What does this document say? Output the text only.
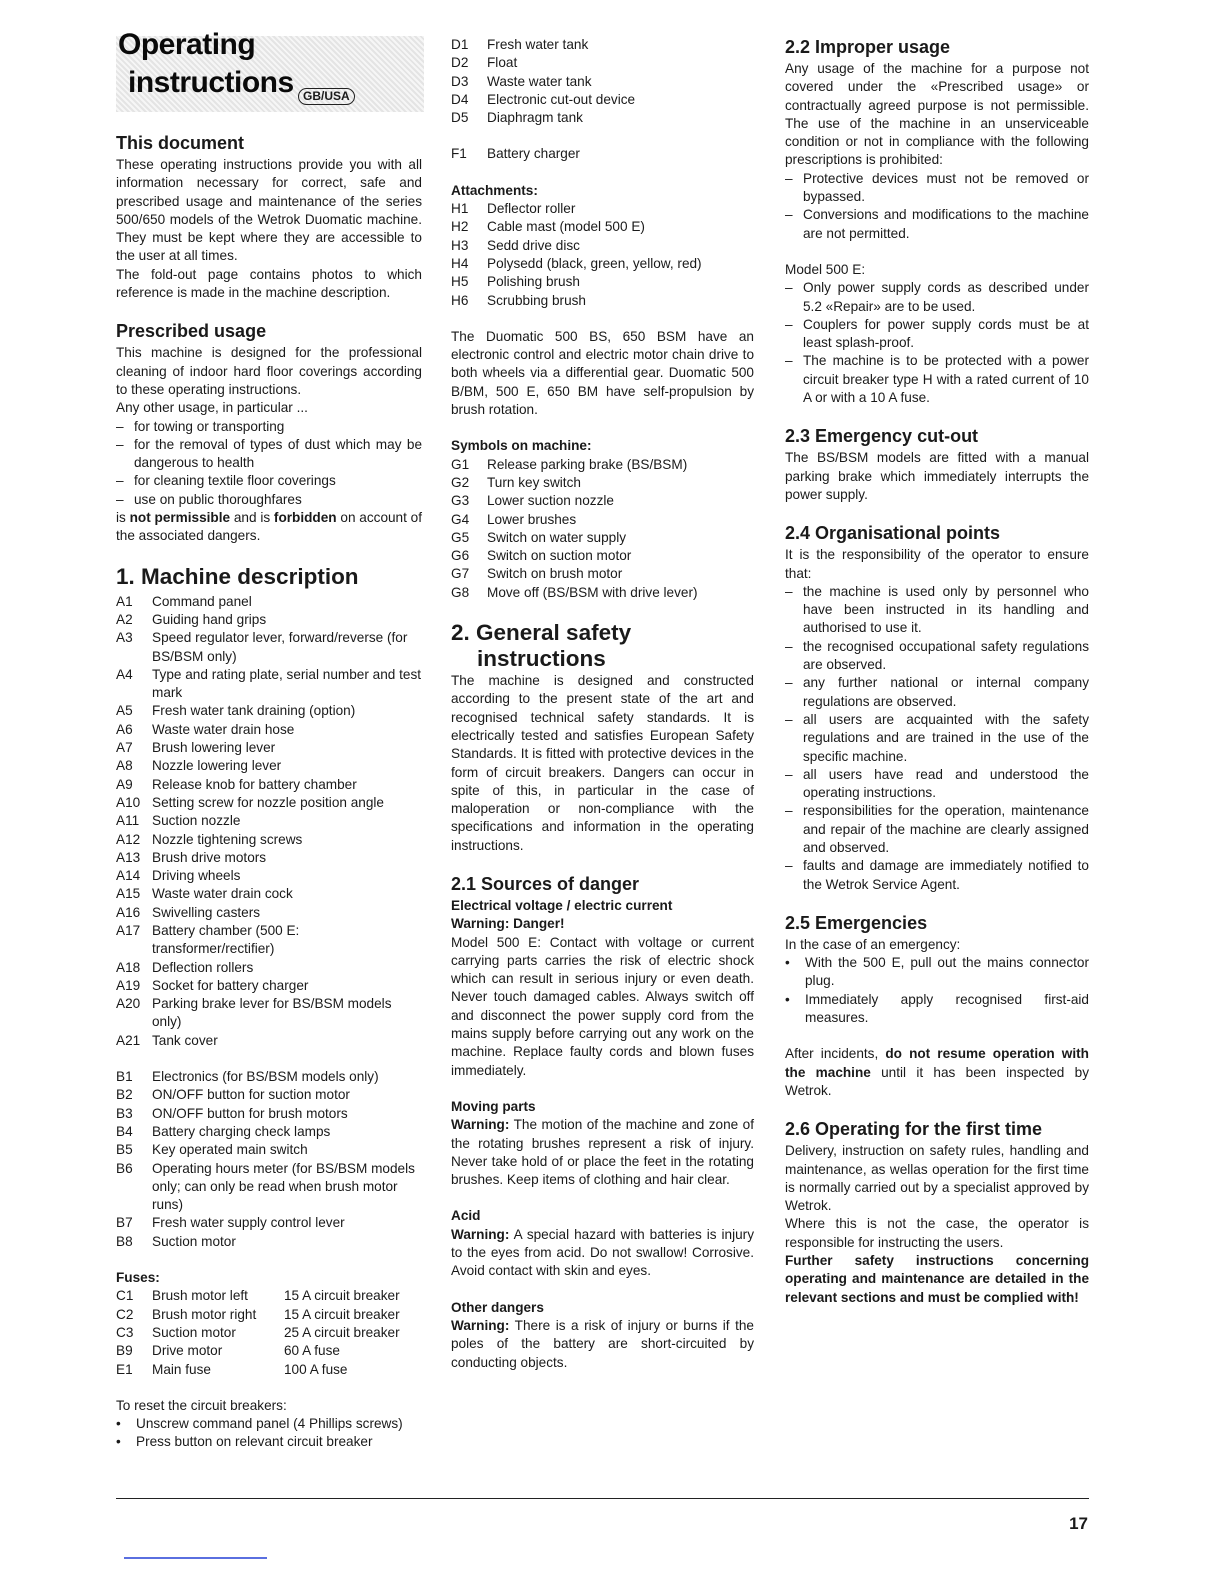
Operating
instructions GB/USA
This document

These operating instructions provide you with all information necessary for correct, safe and prescribed usage and maintenance of the series 500/650 models of the Wetrok Duomatic machine. They must be kept where they are accessible to the user at all times.

The fold-out page contains photos to which reference is made in the machine description.

Prescribed usage

This machine is designed for the professional cleaning of indoor hard floor coverings according to these operating instructions.

Any other usage, in particular ...

– for towing or transporting
– for the removal of types of dust which may be dangerous to health
– for cleaning textile floor coverings
– use on public thoroughfares

is not permissible and is forbidden on account of the associated dangers.

1. Machine description
A1	Command panel
A2	Guiding hand grips
A3	Speed regulator lever, forward/reverse (for BS/BSM only)
A4	Type and rating plate, serial number and test mark
A5	Fresh water tank draining (option)
A6	Waste water drain hose
A7	Brush lowering lever
A8	Nozzle lowering lever
A9	Release knob for battery chamber
A10 Setting screw for nozzle position angle
A11 Suction nozzle
A12 Nozzle tightening screws
A13 Brush drive motors
A14 Driving wheels
A15 Waste water drain cock
A16 Swivelling casters
A17 Battery chamber (500 E: transformer/rectifier)
A18 Deflection rollers
A19 Socket for battery charger
A20 Parking brake lever for BS/BSM models only)
A21 Tank cover
B1	Electronics (for BS/BSM models only)
B2	ON/OFF button for suction motor
B3	ON/OFF button for brush motors
B4	Battery charging check lamps
B5	Key operated main switch
B6	Operating hours meter (for BS/BSM models only; can only be read when brush motor runs)
B7	Fresh water supply control lever
B8	Suction motor
Fuses:
C1	Brush motor left	15 A circuit breaker
C2	Brush motor right	15 A circuit breaker
C3	Suction motor	25 A circuit breaker
B9	Drive motor	60 A fuse
E1	Main fuse	100 A fuse

To reset the circuit breakers:

•	Unscrew command panel (4 Phillips screws)
•	Press button on relevant circuit breaker
D1	Fresh water tank
D2	Float
D3	Waste water tank
D4	Electronic cut-out device
D5	Diaphragm tank
F1	Battery charger
Attachments:
H1	Deflector roller
H2	Cable mast (model 500 E)
H3	Sedd drive disc
H4	Polysedd (black, green, yellow, red)
H5	Polishing brush
H6	Scrubbing brush

The Duomatic 500 BS, 650 BSM have an electronic control and electric motor chain drive to both wheels via a differential gear. Duomatic 500 B/BM, 500 E, 650 BM have self-propulsion by brush rotation.

Symbols on machine:
G1	Release parking brake (BS/BSM)
G2	Turn key switch
G3	Lower suction nozzle
G4	Lower brushes
G5	Switch on water supply
G6	Switch on suction motor
G7	Switch on brush motor
G8	Move off (BS/BSM with drive lever)
2. General safety
instructions

The machine is designed and constructed according to the present state of the art and recognised technical safety standards. It is electrically tested and satisfies European Safety Standards. It is fitted with protective devices in the form of circuit breakers. Dangers can occur in spite of this, in particular in the case of maloperation or non-compliance with the specifications and information in the operating instructions.

2.1 Sources of danger
Electrical voltage / electric current
Warning: Danger!

Model 500 E: Contact with voltage or current carrying parts carries the risk of electric shock which can result in serious injury or even death. Never touch damaged cables. Always switch off and disconnect the power supply cord from the mains supply before carrying out any work on the machine. Replace faulty cords and blown fuses immediately.

Moving parts

Warning: The motion of the machine and zone of the rotating brushes represent a risk of injury. Never take hold of or place the feet in the rotating brushes. Keep items of clothing and hair clear.

Acid

Warning: A special hazard with batteries is injury to the eyes from acid. Do not swallow! Corrosive. Avoid contact with skin and eyes.

Other dangers

Warning: There is a risk of injury or burns if the poles of the battery are short-circuited by conducting objects.

2.2 Improper usage

Any usage of the machine for a purpose not covered under the «Prescribed usage» or contractually agreed purpose is not permissible. The use of the machine in an unserviceable condition or not in compliance with the following prescriptions is prohibited:

– Protective devices must not be removed or bypassed.
– Conversions and modifications to the machine are not permitted.

Model 500 E:

– Only power supply cords as described under 5.2 «Repair» are to be used.
– Couplers for power supply cords must be at least splash-proof.
– The machine is to be protected with a power circuit breaker type H with a rated current of 10 A or with a 10 A fuse.
2.3 Emergency cut-out

The BS/BSM models are fitted with a manual parking brake which immediately interrupts the power supply.

2.4 Organisational points

It is the responsibility of the operator to ensure that:

– the machine is used only by personnel who have been instructed in its handling and authorised to use it.
– the recognised occupational safety regulations are observed.
– any further national or internal company regulations are observed.
– all users are acquainted with the safety regulations and are trained in the use of the specific machine.
– all users have read and understood the operating instructions.
– responsibilities for the operation, maintenance and repair of the machine are clearly assigned and observed.
– faults and damage are immediately notified to the Wetrok Service Agent.
2.5 Emergencies

In the case of an emergency:

•	With the 500 E, pull out the mains connector plug.
•	Immediately apply recognised first-aid measures.

After incidents, do not resume operation with the machine until it has been inspected by Wetrok.

2.6 Operating for the first time

Delivery, instruction on safety rules, handling and maintenance, as wellas operation for the first time is normally carried out by a specialist approved by Wetrok.

Where this is not the case, the operator is responsible for instructing the users.

Further safety instructions concerning operating and maintenance are detailed in the relevant sections and must be complied with!

17
